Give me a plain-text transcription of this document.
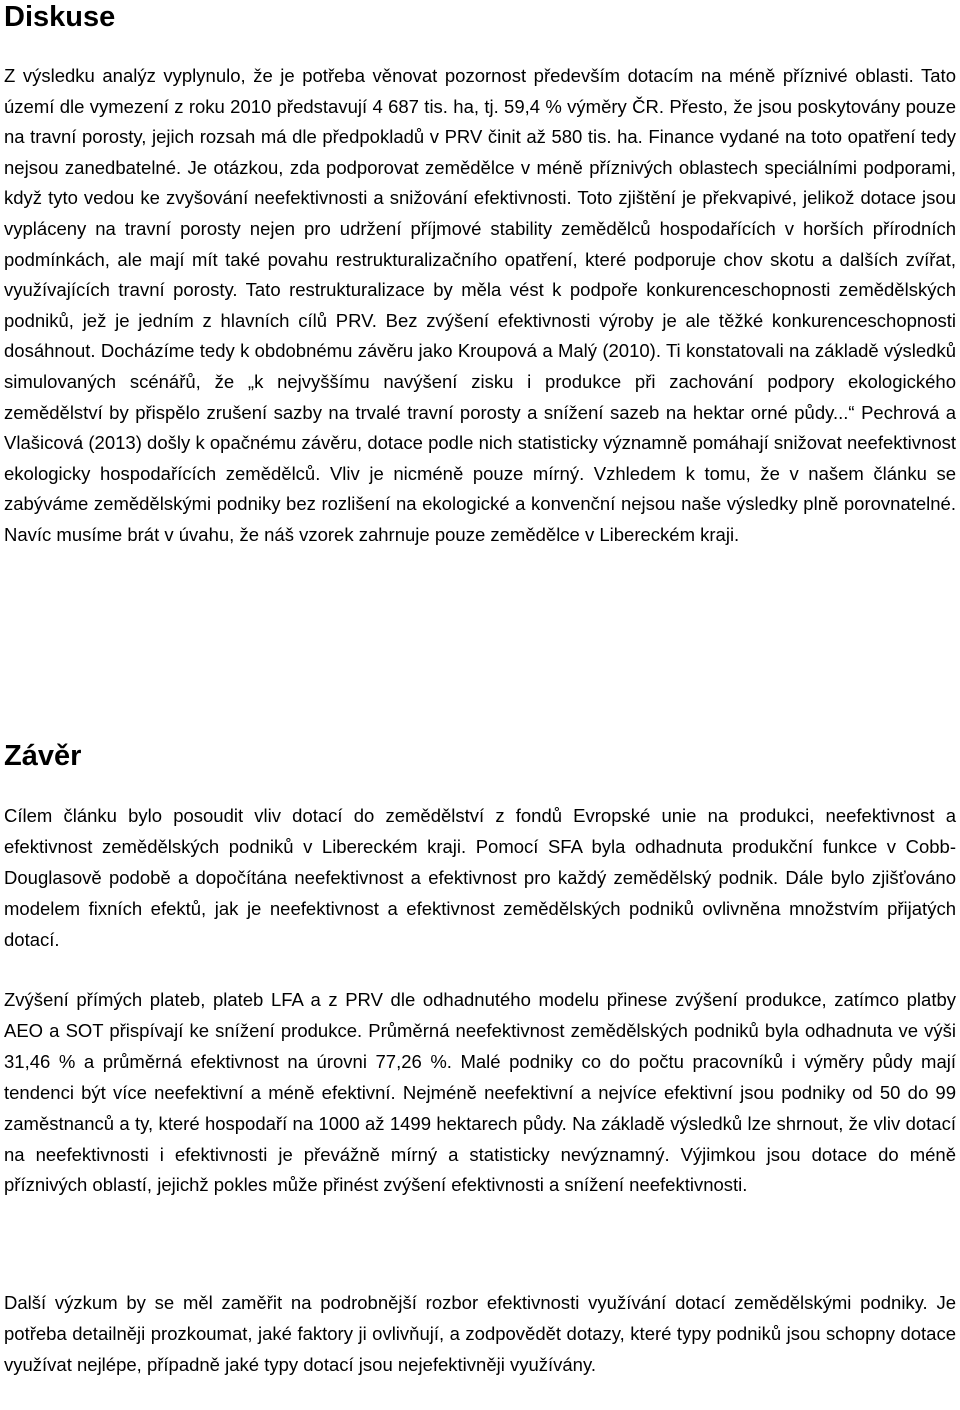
Diskuse

Z výsledku analýz vyplynulo, že je potřeba věnovat pozornost především dotacím na méně příznivé oblasti. Tato území dle vymezení z roku 2010 představují 4 687 tis. ha, tj. 59,4 % výměry ČR. Přesto, že jsou poskytovány pouze na travní porosty, jejich rozsah má dle předpokladů v PRV činit až 580 tis. ha. Finance vydané na toto opatření tedy nejsou zanedbatelné. Je otázkou, zda podporovat zemědělce v méně příznivých oblastech speciálními podporami, když tyto vedou ke zvyšování neefektivnosti a snižování efektivnosti. Toto zjištění je překvapivé, jelikož dotace jsou vypláceny na travní porosty nejen pro udržení příjmové stability zemědělců hospodařících v horších přírodních podmínkách, ale mají mít také povahu restrukturalizačního opatření, které podporuje chov skotu a dalších zvířat, využívajících travní porosty. Tato restrukturalizace by měla vést k podpoře konkurenceschopnosti zemědělských podniků, jež je jedním z hlavních cílů PRV. Bez zvýšení efektivnosti výroby je ale těžké konkurenceschopnosti dosáhnout. Docházíme tedy k obdobnému závěru jako Kroupová a Malý (2010). Ti konstatovali na základě výsledků simulovaných scénářů, že „k nejvyššímu navýšení zisku i produkce při zachování podpory ekologického zemědělství by přispělo zrušení sazby na trvalé travní porosty a snížení sazeb na hektar orné půdy...“ Pechrová a Vlašicová (2013) došly k opačnému závěru, dotace podle nich statisticky významně pomáhají snižovat neefektivnost ekologicky hospodařících zemědělců. Vliv je nicméně pouze mírný. Vzhledem k tomu, že v našem článku se zabýváme zemědělskými podniky bez rozlišení na ekologické a konvenční nejsou naše výsledky plně porovnatelné. Navíc musíme brát v úvahu, že náš vzorek zahrnuje pouze zemědělce v Libereckém kraji.

Závěr

Cílem článku bylo posoudit vliv dotací do zemědělství z fondů Evropské unie na produkci, neefektivnost a efektivnost zemědělských podniků v Libereckém kraji. Pomocí SFA byla odhadnuta produkční funkce v Cobb-Douglasově podobě a dopočítána neefektivnost a efektivnost pro každý zemědělský podnik. Dále bylo zjišťováno modelem fixních efektů, jak je neefektivnost a efektivnost zemědělských podniků ovlivněna množstvím přijatých dotací.

Zvýšení přímých plateb, plateb LFA a z PRV dle odhadnutého modelu přinese zvýšení produkce, zatímco platby AEO a SOT přispívají ke snížení produkce. Průměrná neefektivnost zemědělských podniků byla odhadnuta ve výši 31,46 % a průměrná efektivnost na úrovni 77,26 %. Malé podniky co do počtu pracovníků i výměry půdy mají tendenci být více neefektivní a méně efektivní. Nejméně neefektivní a nejvíce efektivní jsou podniky od 50 do 99 zaměstnanců a ty, které hospodaří na 1000 až 1499 hektarech půdy. Na základě výsledků lze shrnout, že vliv dotací na neefektivnosti i efektivnosti je převážně mírný a statisticky nevýznamný. Výjimkou jsou dotace do méně příznivých oblastí, jejichž pokles může přinést zvýšení efektivnosti a snížení neefektivnosti.

Další výzkum by se měl zaměřit na podrobnější rozbor efektivnosti využívání dotací zemědělskými podniky. Je potřeba detailněji prozkoumat, jaké faktory ji ovlivňují, a zodpovědět dotazy, které typy podniků jsou schopny dotace využívat nejlépe, případně jaké typy dotací jsou nejefektivněji využívány.
